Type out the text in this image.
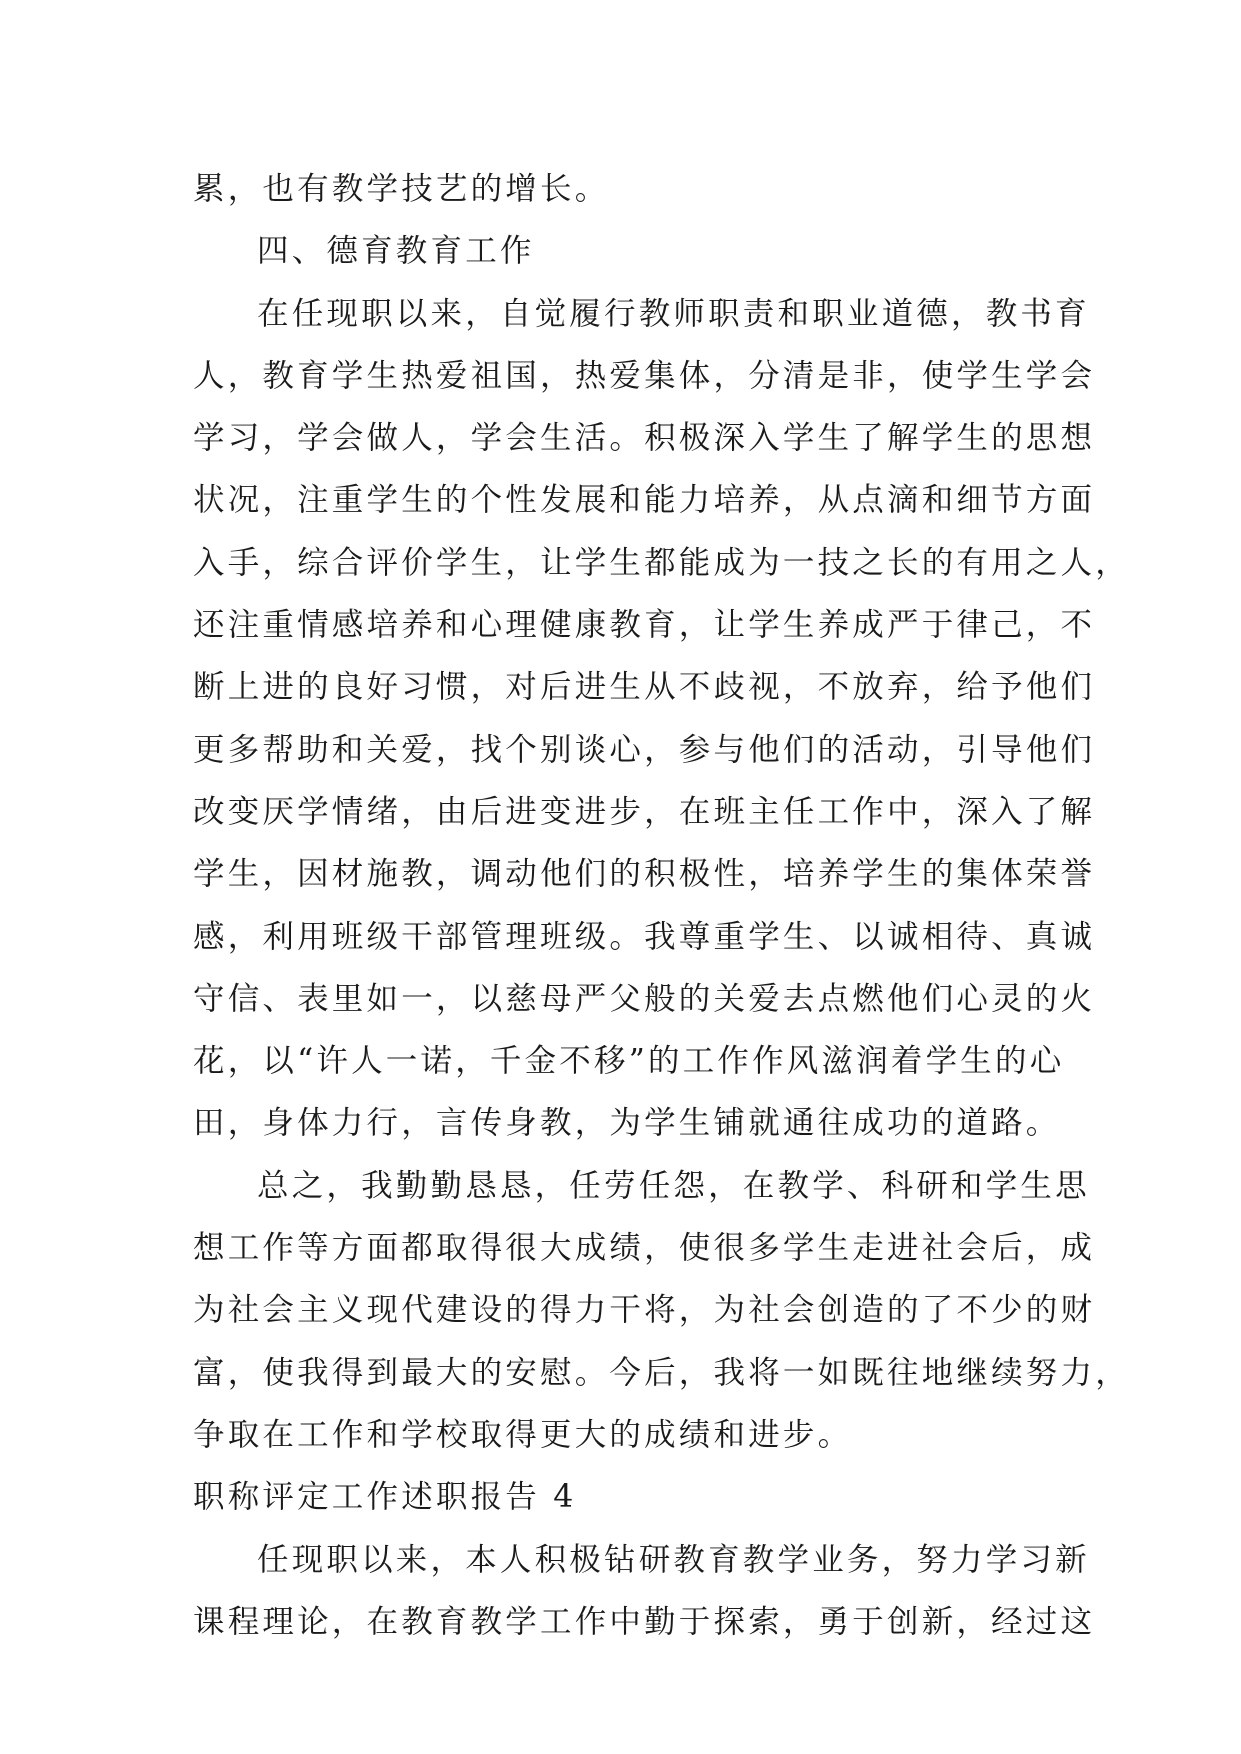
累，也有教学技艺的增长。
四、德育教育工作
在任现职以来，自觉履行教师职责和职业道德，教书育
人，教育学生热爱祖国，热爱集体，分清是非，使学生学会
学习，学会做人，学会生活。积极深入学生了解学生的思想
状况，注重学生的个性发展和能力培养，从点滴和细节方面
入手，综合评价学生，让学生都能成为一技之长的有用之人，
还注重情感培养和心理健康教育，让学生养成严于律己，不
断上进的良好习惯，对后进生从不歧视，不放弃，给予他们
更多帮助和关爱，找个别谈心，参与他们的活动，引导他们
改变厌学情绪，由后进变进步，在班主任工作中，深入了解
学生，因材施教，调动他们的积极性，培养学生的集体荣誉
感，利用班级干部管理班级。我尊重学生、以诚相待、真诚
守信、表里如一，以慈母严父般的关爱去点燃他们心灵的火
花，以“许人一诺，千金不移”的工作作风滋润着学生的心
田，身体力行，言传身教，为学生铺就通往成功的道路。
总之，我勤勤恳恳，任劳任怨，在教学、科研和学生思
想工作等方面都取得很大成绩，使很多学生走进社会后，成
为社会主义现代建设的得力干将，为社会创造的了不少的财
富，使我得到最大的安慰。今后，我将一如既往地继续努力，
争取在工作和学校取得更大的成绩和进步。
职称评定工作述职报告 4
任现职以来，本人积极钻研教育教学业务，努力学习新
课程理论，在教育教学工作中勤于探索，勇于创新，经过这
